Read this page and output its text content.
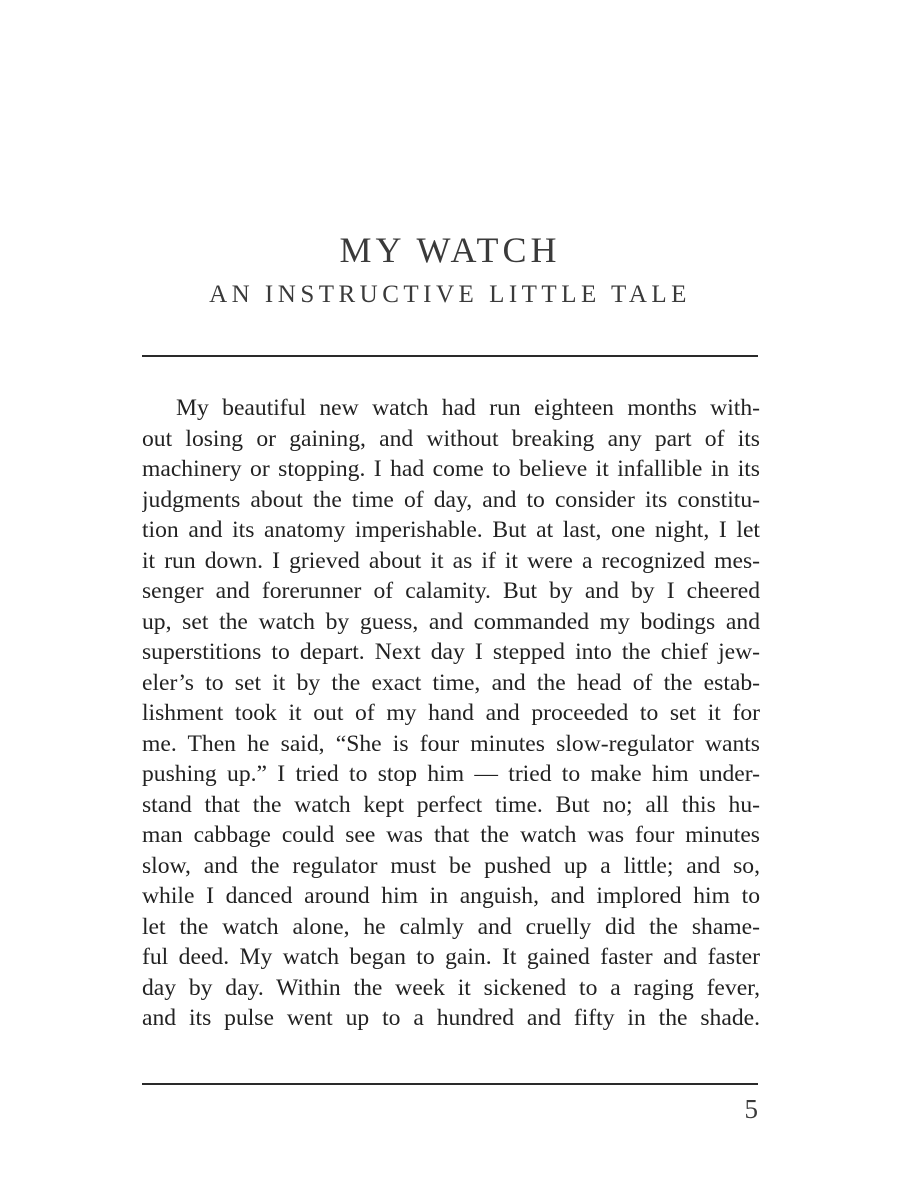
MY WATCH
AN INSTRUCTIVE LITTLE TALE
My beautiful new watch had run eighteen months with-
out losing or gaining, and without breaking any part of its
machinery or stopping. I had come to believe it infallible in its
judgments about the time of day, and to consider its constitu-
tion and its anatomy imperishable. But at last, one night, I let
it run down. I grieved about it as if it were a recognized mes-
senger and forerunner of calamity. But by and by I cheered
up, set the watch by guess, and commanded my bodings and
superstitions to depart. Next day I stepped into the chief jew-
eler’s to set it by the exact time, and the head of the estab-
lishment took it out of my hand and proceeded to set it for
me. Then he said, “She is four minutes slow-regulator wants
pushing up.” I tried to stop him — tried to make him under-
stand that the watch kept perfect time. But no; all this hu-
man cabbage could see was that the watch was four minutes
slow, and the regulator must be pushed up a little; and so,
while I danced around him in anguish, and implored him to
let the watch alone, he calmly and cruelly did the shame-
ful deed. My watch began to gain. It gained faster and faster
day by day. Within the week it sickened to a raging fever,
and its pulse went up to a hundred and fifty in the shade.
5
